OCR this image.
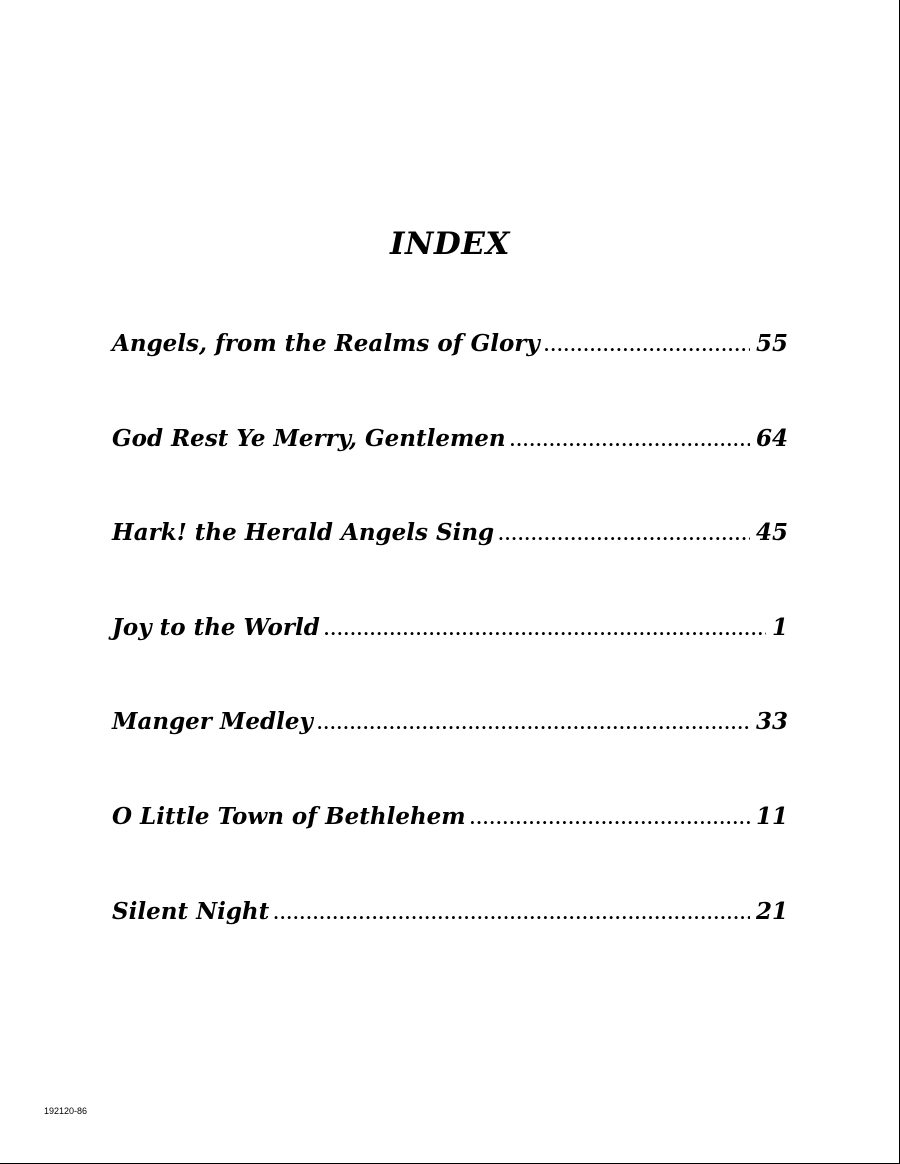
INDEX
Angels, from the Realms of Glory .....	55
God Rest Ye Merry, Gentlemen .....	64
Hark! the Herald Angels Sing .....	45
Joy to the World .....	1
Manger Medley .....	33
O Little Town of Bethlehem .....	11
Silent Night .....	21
192120-86
